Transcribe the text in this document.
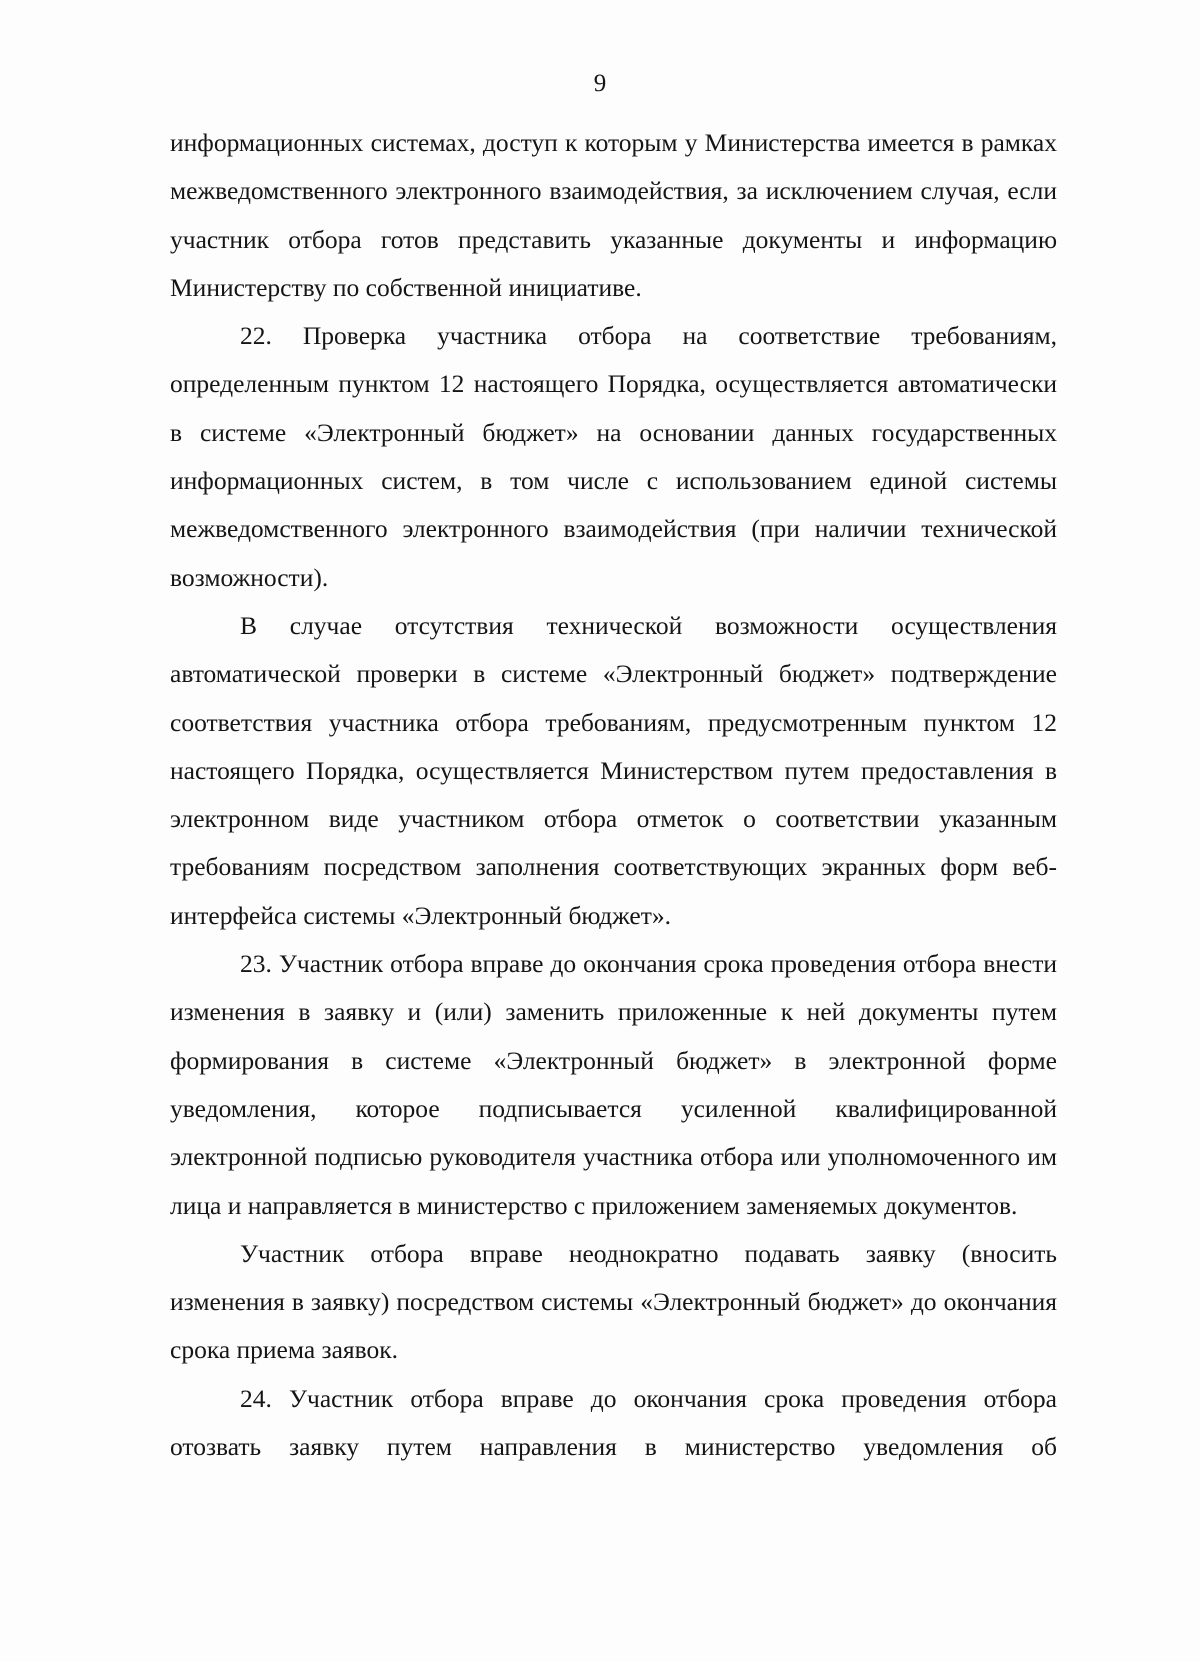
9

информационных системах, доступ к которым у Министерства имеется в рамках межведомственного электронного взаимодействия, за исключением случая, если участник отбора готов представить указанные документы и информацию Министерству по собственной инициативе.

22. Проверка участника отбора на соответствие требованиям, определенным пунктом 12 настоящего Порядка, осуществляется автоматически в системе «Электронный бюджет» на основании данных государственных информационных систем, в том числе с использованием единой системы межведомственного электронного взаимодействия (при наличии технической возможности).

В случае отсутствия технической возможности осуществления автоматической проверки в системе «Электронный бюджет» подтверждение соответствия участника отбора требованиям, предусмотренным пунктом 12 настоящего Порядка, осуществляется Министерством путем предоставления в электронном виде участником отбора отметок о соответствии указанным требованиям посредством заполнения соответствующих экранных форм веб-интерфейса системы «Электронный бюджет».

23. Участник отбора вправе до окончания срока проведения отбора внести изменения в заявку и (или) заменить приложенные к ней документы путем формирования в системе «Электронный бюджет» в электронной форме уведомления, которое подписывается усиленной квалифицированной электронной подписью руководителя участника отбора или уполномоченного им лица и направляется в министерство с приложением заменяемых документов.

Участник отбора вправе неоднократно подавать заявку (вносить изменения в заявку) посредством системы «Электронный бюджет» до окончания срока приема заявок.

24. Участник отбора вправе до окончания срока проведения отбора отозвать заявку путем направления в министерство уведомления об
